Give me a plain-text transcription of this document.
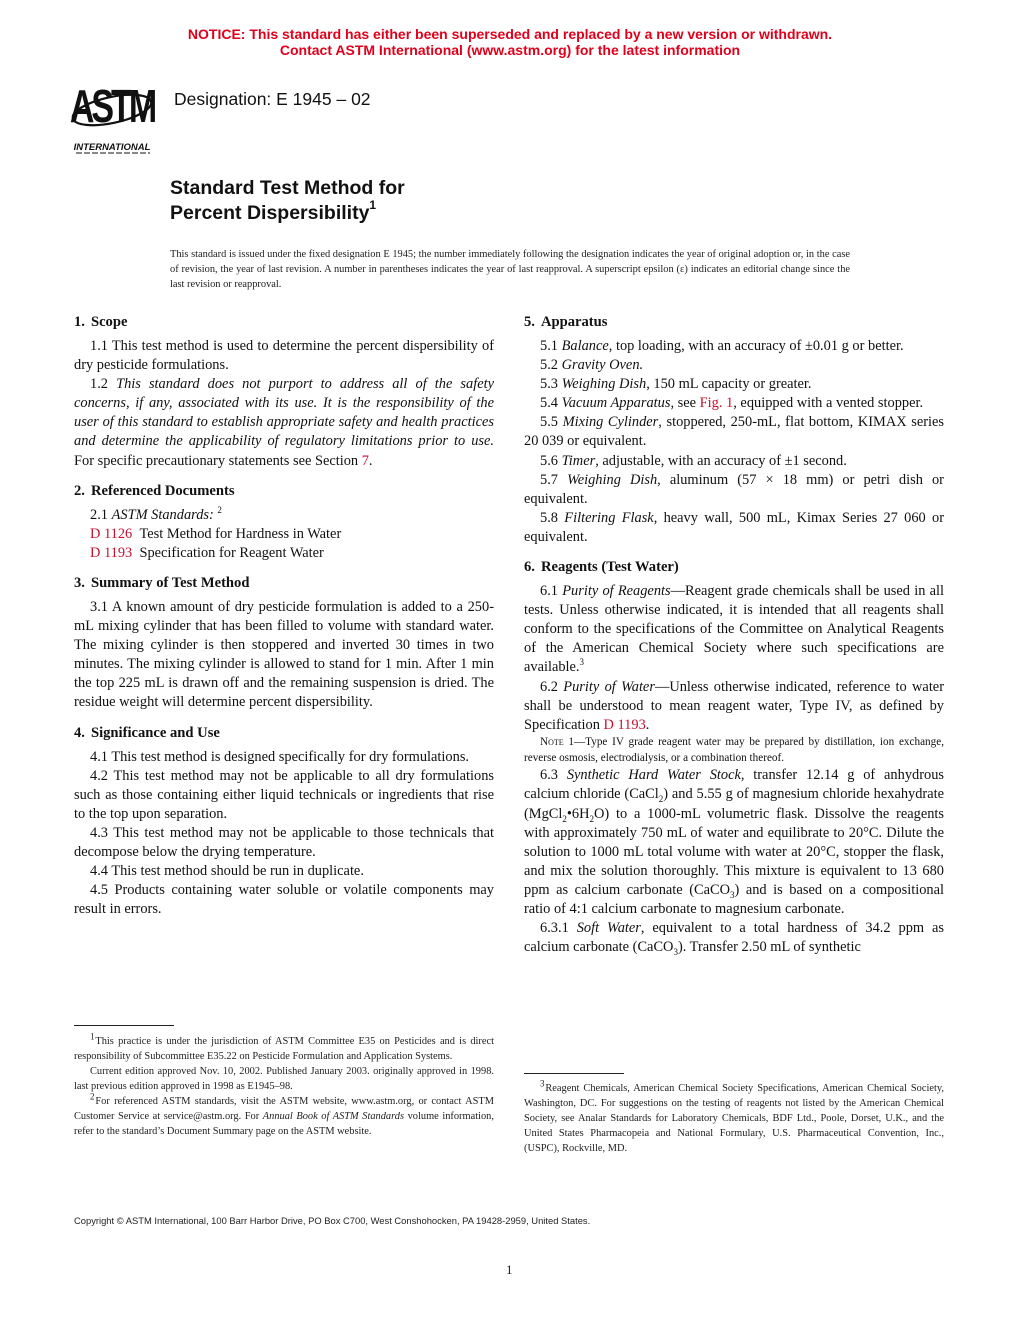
NOTICE: This standard has either been superseded and replaced by a new version or withdrawn.
Contact ASTM International (www.astm.org) for the latest information
ASTM
INTERNATIONAL
Designation: E 1945 – 02
Standard Test Method for
Percent Dispersibility$^1$
This standard is issued under the fixed designation E 1945; the number immediately following the designation indicates the year of original adoption or, in the case of revision, the year of last revision. A number in parentheses indicates the year of last reapproval. A superscript epsilon (ε) indicates an editorial change since the last revision or reapproval.
1. Scope

1.1 This test method is used to determine the percent dispersibility of dry pesticide formulations.

1.2 This standard does not purport to address all of the safety concerns, if any, associated with its use. It is the responsibility of the user of this standard to establish appropriate safety and health practices and determine the applicability of regulatory limitations prior to use. For specific precautionary statements see Section 7.

2. Referenced Documents

2.1 ASTM Standards: $^2$

D 1126 Test Method for Hardness in Water

D 1193 Specification for Reagent Water

3. Summary of Test Method

3.1 A known amount of dry pesticide formulation is added to a 250-mL mixing cylinder that has been filled to volume with standard water. The mixing cylinder is then stoppered and inverted 30 times in two minutes. The mixing cylinder is allowed to stand for 1 min. After 1 min the top 225 mL is drawn off and the remaining suspension is dried. The residue weight will determine percent dispersibility.

4. Significance and Use

4.1 This test method is designed specifically for dry formulations.

4.2 This test method may not be applicable to all dry formulations such as those containing either liquid technicals or ingredients that rise to the top upon separation.

4.3 This test method may not be applicable to those technicals that decompose below the drying temperature.

4.4 This test method should be run in duplicate.

4.5 Products containing water soluble or volatile components may result in errors.

$^1$ This practice is under the jurisdiction of ASTM Committee E35 on Pesticides and is direct responsibility of Subcommittee E35.22 on Pesticide Formulation and Application Systems.

Current edition approved Nov. 10, 2002. Published January 2003. originally approved in 1998. last previous edition approved in 1998 as E1945–98.

$^2$ For referenced ASTM standards, visit the ASTM website, www.astm.org, or contact ASTM Customer Service at service@astm.org. For Annual Book of ASTM Standards volume information, refer to the standard’s Document Summary page on the ASTM website.

5. Apparatus

5.1 Balance, top loading, with an accuracy of ±0.01 g or better.

5.2 Gravity Oven.

5.3 Weighing Dish, 150 mL capacity or greater.

5.4 Vacuum Apparatus, see Fig. 1, equipped with a vented stopper.

5.5 Mixing Cylinder, stoppered, 250-mL, flat bottom, KIMAX series 20 039 or equivalent.

5.6 Timer, adjustable, with an accuracy of ±1 second.

5.7 Weighing Dish, aluminum (57 × 18 mm) or petri dish or equivalent.

5.8 Filtering Flask, heavy wall, 500 mL, Kimax Series 27 060 or equivalent.

6. Reagents (Test Water)

6.1 Purity of Reagents—Reagent grade chemicals shall be used in all tests. Unless otherwise indicated, it is intended that all reagents shall conform to the specifications of the Committee on Analytical Reagents of the American Chemical Society where such specifications are available.$^3$

6.2 Purity of Water—Unless otherwise indicated, reference to water shall be understood to mean reagent water, Type IV, as defined by Specification D 1193.

Note 1—Type IV grade reagent water may be prepared by distillation, ion exchange, reverse osmosis, electrodialysis, or a combination thereof.

6.3 Synthetic Hard Water Stock, transfer 12.14 g of anhydrous calcium chloride (CaCl$_2$) and 5.55 g of magnesium chloride hexahydrate $(MgCl_2•6H_2O)$ to a 1000-mL volumetric flask. Dissolve the reagents with approximately 750 mL of water and equilibrate to 20°C. Dilute the solution to 1000 mL total volume with water at 20°C, stopper the flask, and mix the solution thoroughly. This mixture is equivalent to 13 680 ppm as calcium carbonate (CaCO$_3$) and is based on a compositional ratio of 4:1 calcium carbonate to magnesium carbonate.

6.3.1 Soft Water, equivalent to a total hardness of 34.2 ppm as calcium carbonate (CaCO$_3$). Transfer 2.50 mL of synthetic

$^3$ Reagent Chemicals, American Chemical Society Specifications, American Chemical Society, Washington, DC. For suggestions on the testing of reagents not listed by the American Chemical Society, see Analar Standards for Laboratory Chemicals, BDF Ltd., Poole, Dorset, U.K., and the United States Pharmacopeia and National Formulary, U.S. Pharmaceutical Convention, Inc., (USPC), Rockville, MD.

Copyright © ASTM International, 100 Barr Harbor Drive, PO Box C700, West Conshohocken, PA 19428-2959, United States.
1
